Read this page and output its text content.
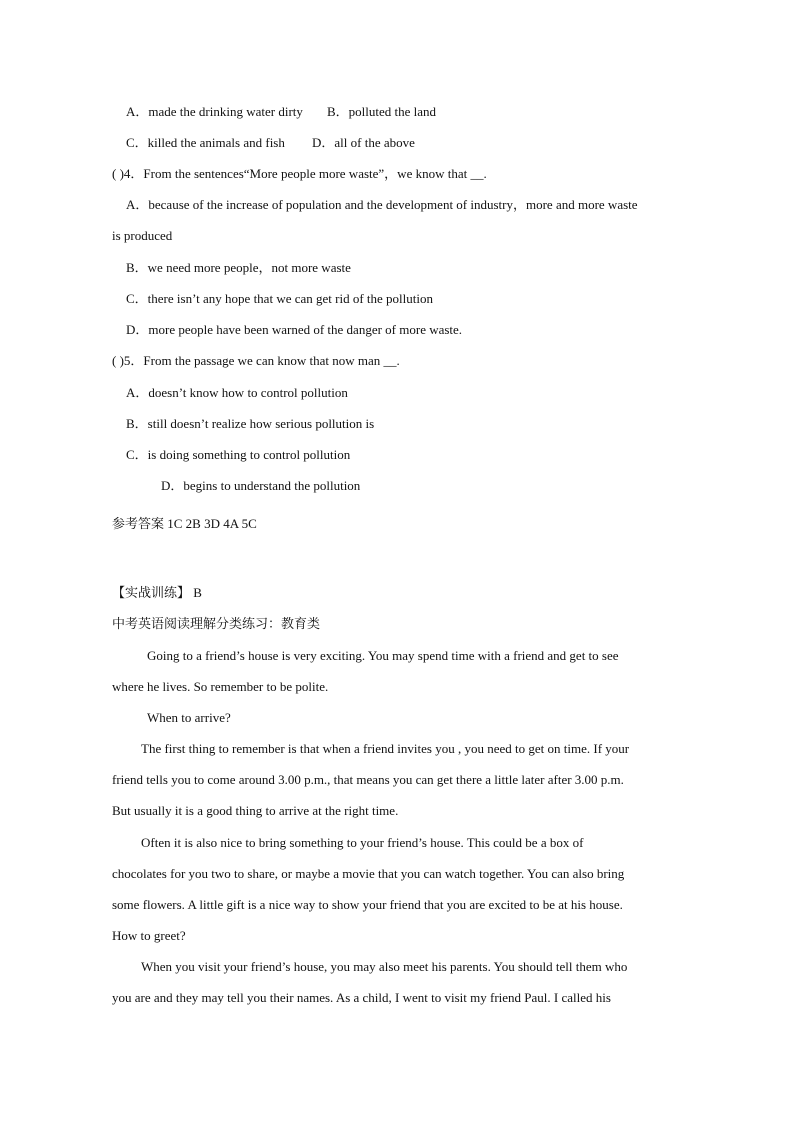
A．made the drinking water dirty B．polluted the land
C．killed the animals and fish D．all of the above
( )4．From the sentences“More people more waste”，we know that __.
A．because of the increase of population and the development of industry，more and more waste
is produced
B．we need more people，not more waste
C．there isn’t any hope that we can get rid of the pollution
D．more people have been warned of the danger of more waste.
( )5．From the passage we can know that now man __.
A．doesn’t know how to control pollution
B．still doesn’t realize how serious pollution is
C．is doing something to control pollution
D．begins to understand the pollution
参考答案 1C 2B 3D 4A 5C
【实战训练】 B
中考英语阅读理解分类练习：教育类
Going to a friend’s house is very exciting. You may spend time with a friend and get to see
where he lives. So remember to be polite.
When to arrive?
The first thing to remember is that when a friend invites you , you need to get on time. If your
friend tells you to come around 3.00 p.m., that means you can get there a little later after 3.00 p.m.
But usually it is a good thing to arrive at the right time.
Often it is also nice to bring something to your friend’s house. This could be a box of
chocolates for you two to share, or maybe a movie that you can watch together. You can also bring
some flowers. A little gift is a nice way to show your friend that you are excited to be at his house.
How to greet?
When you visit your friend’s house, you may also meet his parents. You should tell them who
you are and they may tell you their names. As a child, I went to visit my friend Paul. I called his
